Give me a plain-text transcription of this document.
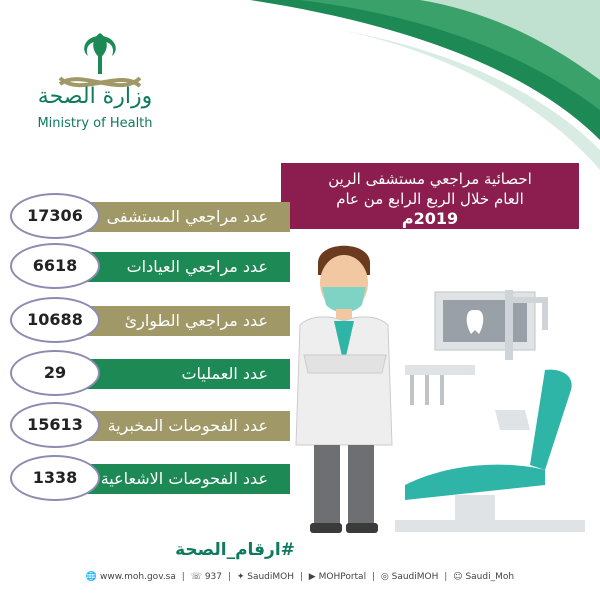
وزارة الصحة
Ministry of Health
احصائية مراجعي مستشفى الرين
العام خلال الربع الرابع من عام
2019م
عدد مراجعي المستشفى
17306
عدد مراجعي العيادات
6618
عدد مراجعي الطوارئ
10688
عدد العمليات
29
عدد الفحوصات المخبرية
15613
عدد الفحوصات الاشعاعية
1338
#ارقام_الصحة
🌐 www.moh.gov.sa | ☏ 937 | ✦ SaudiMOH | ▶ MOHPortal | ◎ SaudiMOH | ☺ Saudi_Moh
